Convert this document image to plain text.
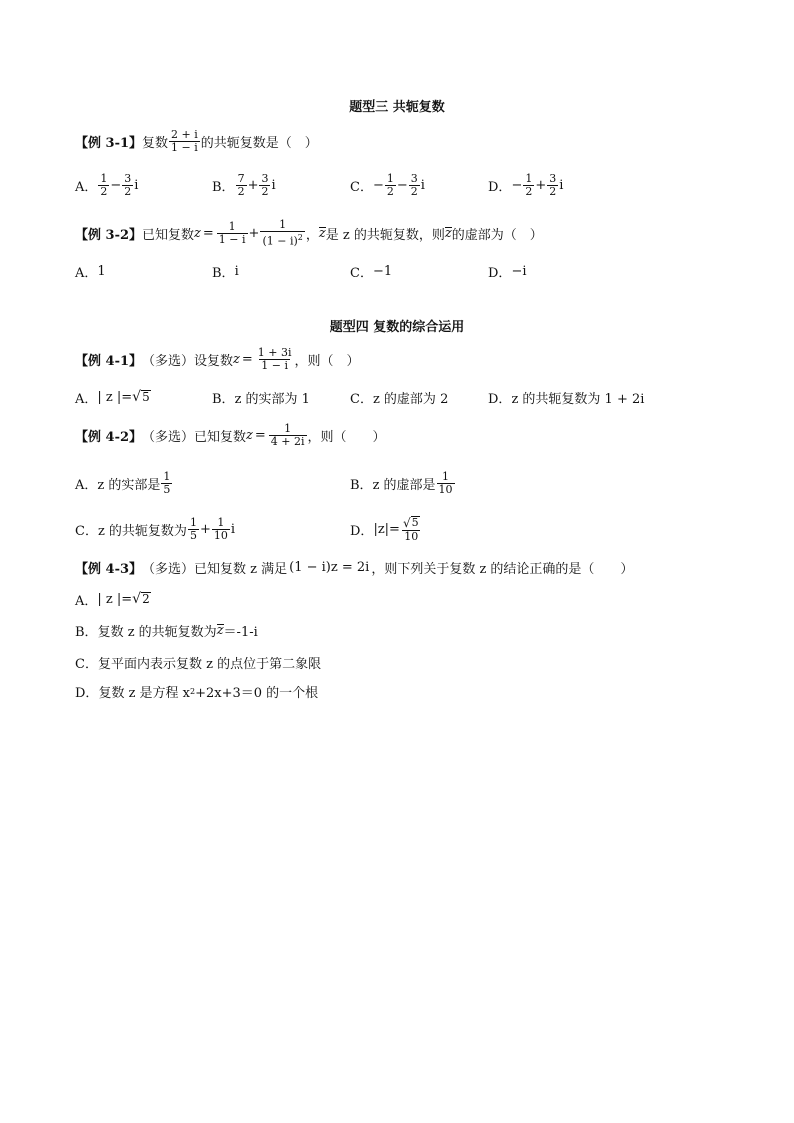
题型三 共轭复数
【例 3-1】 复数 $\frac{2 + i}{1 - i}$ 的共轭复数是（　）
A． $\frac{1}{2} - \frac{3}{2}$ i	B． $\frac{7}{2} + \frac{3}{2}$ i	C． − $\frac{1}{2} - \frac{3}{2}$ i	D． − $\frac{1}{2} + \frac{3}{2}$ i
【例 3-2】 已知复数 $z = \frac{1}{1 - i} + \frac{1}{(1 - i)^2}$ ， z 是 z 的共轭复数，则 z 的虚部为（　）
A． 1	B． i	C． −1	D． −i
题型四 复数的综合运用
【例 4-1】 （多选）设复数 $z = \frac{1 + 3i}{1 - i}$ ，则（　）
A． | z |= √ 5	B． z 的实部为 1	C． z 的虚部为 2	D． z 的共轭复数为 1 + 2i
【例 4-2】 （多选）已知复数 $z = \frac{1}{4 + 2i}$ ，则（　　）
A． z 的实部是 $\frac{1}{5}$	B． z 的虚部是 $\frac{1}{10}$
C． z 的共轭复数为 $\frac{1}{5} + \frac{1}{10}$ i	D． $|z|= \frac{√ 5}{10}$
【例 4-3】 （多选）已知复数 z 满足 (1 − i)z = 2i ，则下列关于复数 z 的结论正确的是（　　）
A． | z |= √ 2
B． 复数 z 的共轭复数为 z ＝-1-i
C． 复平面内表示复数 z 的点位于第二象限
D． 复数 z 是方程 x 2 +2x+3＝0 的一个根
